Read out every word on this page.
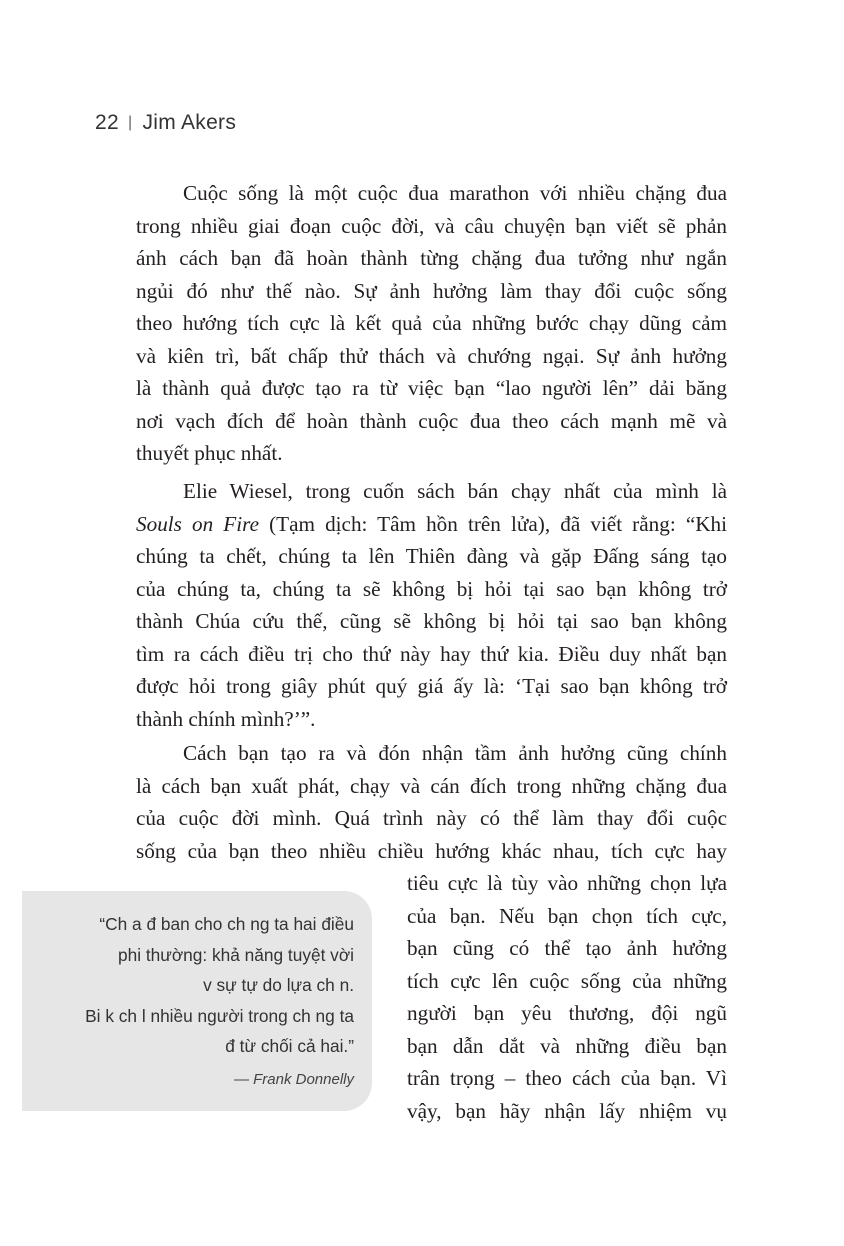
22 | Jim Akers
Cuộc sống là một cuộc đua marathon với nhiều chặng đua
trong nhiều giai đoạn cuộc đời, và câu chuyện bạn viết sẽ phản
ánh cách bạn đã hoàn thành từng chặng đua tưởng như ngắn
ngủi đó như thế nào. Sự ảnh hưởng làm thay đổi cuộc sống
theo hướng tích cực là kết quả của những bước chạy dũng cảm
và kiên trì, bất chấp thử thách và chướng ngại. Sự ảnh hưởng
là thành quả được tạo ra từ việc bạn “lao người lên” dải băng
nơi vạch đích để hoàn thành cuộc đua theo cách mạnh mẽ và
thuyết phục nhất.
Elie Wiesel, trong cuốn sách bán chạy nhất của mình là
Souls on Fire (Tạm dịch: Tâm hồn trên lửa), đã viết rằng: “Khi
chúng ta chết, chúng ta lên Thiên đàng và gặp Đấng sáng tạo
của chúng ta, chúng ta sẽ không bị hỏi tại sao bạn không trở
thành Chúa cứu thế, cũng sẽ không bị hỏi tại sao bạn không
tìm ra cách điều trị cho thứ này hay thứ kia. Điều duy nhất bạn
được hỏi trong giây phút quý giá ấy là: ‘Tại sao bạn không trở
thành chính mình?’”.
Cách bạn tạo ra và đón nhận tầm ảnh hưởng cũng chính
là cách bạn xuất phát, chạy và cán đích trong những chặng đua
của cuộc đời mình. Quá trình này có thể làm thay đổi cuộc
sống của bạn theo nhiều chiều hướng khác nhau, tích cực hay
tiêu cực là tùy vào những chọn lựa
của bạn. Nếu bạn chọn tích cực,
bạn cũng có thể tạo ảnh hưởng
tích cực lên cuộc sống của những
người bạn yêu thương, đội ngũ
bạn dẫn dắt và những điều bạn
trân trọng – theo cách của bạn. Vì
vậy, bạn hãy nhận lấy nhiệm vụ
“Ch a đ ban cho ch ng ta hai điều
phi thường: khả năng tuyệt vời
v sự tự do lựa ch n.
Bi k ch l nhiều người trong ch ng ta
đ từ chối cả hai.”
— Frank Donnelly
